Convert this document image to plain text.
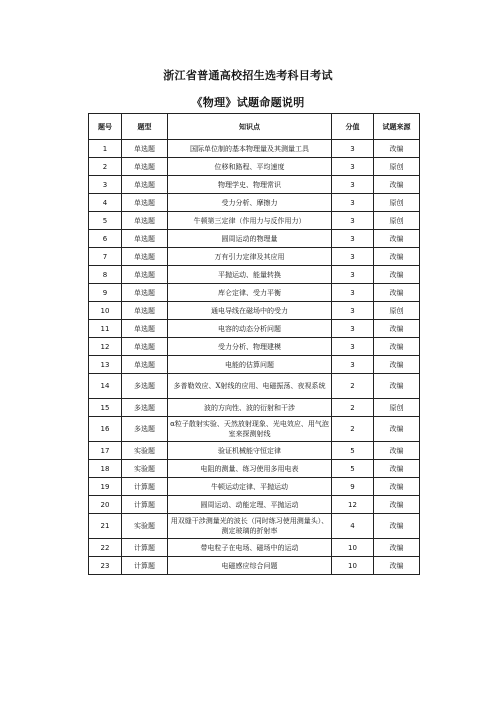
浙江省普通高校招生选考科目考试
《物理》试题命题说明
题号	题型	知识点	分值	试题来源
1	单选题	国际单位制的基本物理量及其测量工具	3	改编
2	单选题	位移和路程、平均速度	3	原创
3	单选题	物理学史、物理常识	3	改编
4	单选题	受力分析、摩擦力	3	原创
5	单选题	牛顿第三定律（作用力与反作用力）	3	原创
6	单选题	圆周运动的物理量	3	改编
7	单选题	万有引力定律及其应用	3	改编
8	单选题	平抛运动、能量转换	3	改编
9	单选题	库仑定律、受力平衡	3	改编
10	单选题	通电导线在磁场中的受力	3	原创
11	单选题	电容的动态分析问题	3	改编
12	单选题	受力分析、物理建模	3	改编
13	单选题	电能的估算问题	3	改编
14	多选题	多普勒效应、X射线的应用、电磁振荡、夜视系统	2	改编
15	多选题	波的方向性、波的衍射和干涉	2	原创
16	多选题	α粒子散射实验、天然放射现象、光电效应、用气泡室来探测射线	2	改编
17	实验题	验证机械能守恒定律	5	改编
18	实验题	电阻的测量、练习使用多用电表	5	改编
19	计算题	牛顿运动定律、平抛运动	9	改编
20	计算题	圆周运动、动能定理、平抛运动	12	改编
21	实验题	用双缝干涉测量光的波长（同时练习使用测量头）、测定玻璃的折射率	4	改编
22	计算题	带电粒子在电场、磁场中的运动	10	改编
23	计算题	电磁感应综合问题	10	改编
